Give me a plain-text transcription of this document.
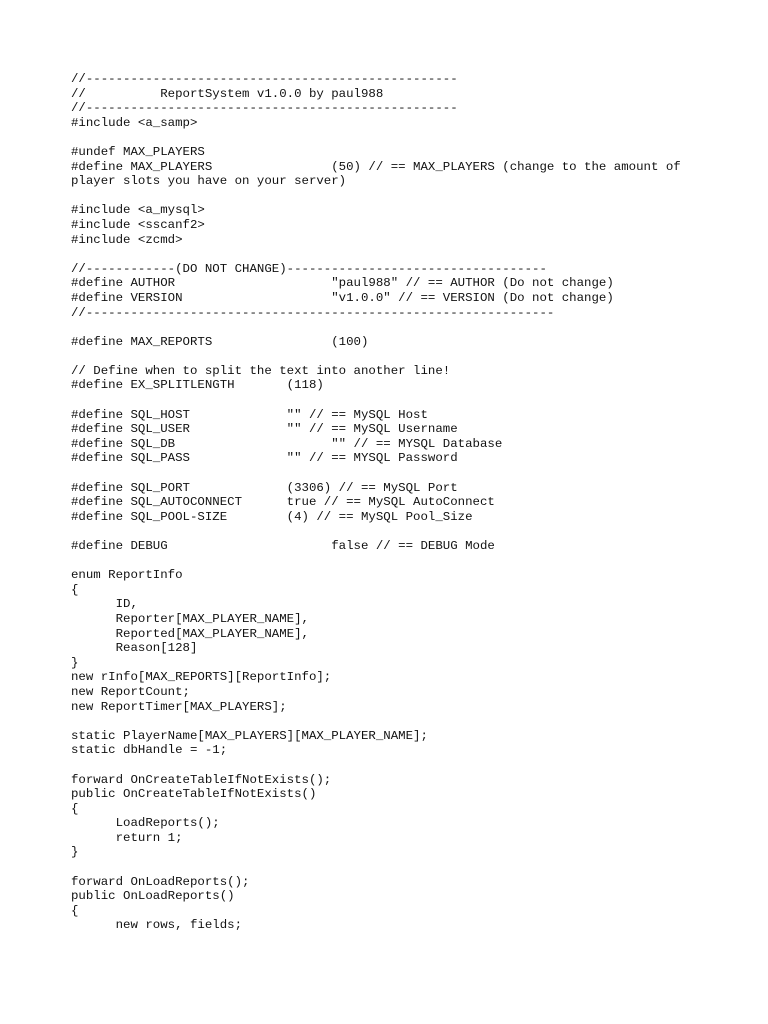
//--------------------------------------------------
//          ReportSystem v1.0.0 by paul988
//--------------------------------------------------
#include <a_samp>
#undef MAX_PLAYERS
#define MAX_PLAYERS                (50) // == MAX_PLAYERS (change to the amount of player slots you have on your server)
#include <a_mysql>
#include <sscanf2>
#include <zcmd>
//------------(DO NOT CHANGE)-----------------------------------
#define AUTHOR                     "paul988" // == AUTHOR (Do not change)
#define VERSION                    "v1.0.0" // == VERSION (Do not change)
//---------------------------------------------------------------
#define MAX_REPORTS                (100)
// Define when to split the text into another line!
#define EX_SPLITLENGTH       (118)
#define SQL_HOST             "" // == MySQL Host
#define SQL_USER             "" // == MySQL Username
#define SQL_DB                     "" // == MYSQL Database
#define SQL_PASS             "" // == MYSQL Password
#define SQL_PORT             (3306) // == MySQL Port
#define SQL_AUTOCONNECT      true // == MySQL AutoConnect
#define SQL_POOL-SIZE        (4) // == MySQL Pool_Size
#define DEBUG                      false // == DEBUG Mode
enum ReportInfo
{
ID,
Reporter[MAX_PLAYER_NAME],
Reported[MAX_PLAYER_NAME],
Reason[128]
}
new rInfo[MAX_REPORTS][ReportInfo];
new ReportCount;
new ReportTimer[MAX_PLAYERS];
static PlayerName[MAX_PLAYERS][MAX_PLAYER_NAME];
static dbHandle = -1;
forward OnCreateTableIfNotExists();
public OnCreateTableIfNotExists()
{
LoadReports();
return 1;
}
forward OnLoadReports();
public OnLoadReports()
{
new rows, fields;
